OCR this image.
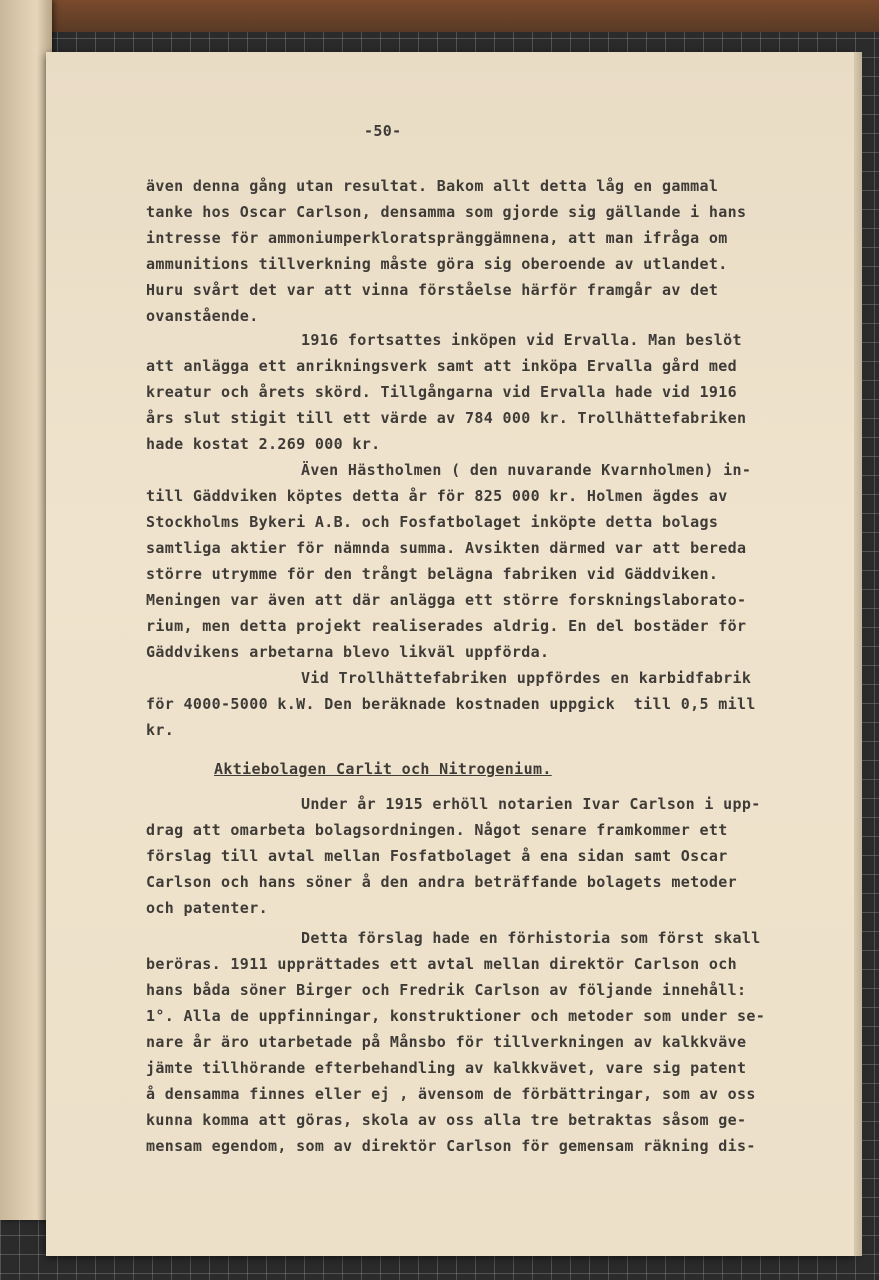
-50-
även denna gång utan resultat. Bakom allt detta låg en gammal
tanke hos Oscar Carlson, densamma som gjorde sig gällande i hans
intresse för ammoniumperkloratspränggämnena, att man ifråga om
ammunitions tillverkning måste göra sig oberoende av utlandet.
Huru svårt det var att vinna förståelse härför framgår av det
ovanstående.
1916 fortsattes inköpen vid Ervalla. Man beslöt
att anlägga ett anrikningsverk samt att inköpa Ervalla gård med
kreatur och årets skörd. Tillgångarna vid Ervalla hade vid 1916
års slut stigit till ett värde av 784 000 kr. Trollhättefabriken
hade kostat 2.269 000 kr.
Även Hästholmen ( den nuvarande Kvarnholmen) in-
till Gäddviken köptes detta år för 825 000 kr. Holmen ägdes av
Stockholms Bykeri A.B. och Fosfatbolaget inköpte detta bolags
samtliga aktier för nämnda summa. Avsikten därmed var att bereda
större utrymme för den trångt belägna fabriken vid Gäddviken.
Meningen var även att där anlägga ett större forskningslaborato-
rium, men detta projekt realiserades aldrig. En del bostäder för
Gäddvikens arbetarna blevo likväl uppförda.
Vid Trollhättefabriken uppfördes en karbidfabrik
för 4000-5000 k.W. Den beräknade kostnaden uppgick  till 0,5 mill
kr.
Aktiebolagen Carlit och Nitrogenium.
Under år 1915 erhöll notarien Ivar Carlson i upp-
drag att omarbeta bolagsordningen. Något senare framkommer ett
förslag till avtal mellan Fosfatbolaget å ena sidan samt Oscar
Carlson och hans söner å den andra beträffande bolagets metoder
och patenter.
Detta förslag hade en förhistoria som först skall
beröras. 1911 upprättades ett avtal mellan direktör Carlson och
hans båda söner Birger och Fredrik Carlson av följande innehåll:
1°. Alla de uppfinningar, konstruktioner och metoder som under se-
nare år äro utarbetade på Månsbo för tillverkningen av kalkkväve
jämte tillhörande efterbehandling av kalkkvävet, vare sig patent
å densamma finnes eller ej , ävensom de förbättringar, som av oss
kunna komma att göras, skola av oss alla tre betraktas såsom ge-
mensam egendom, som av direktör Carlson för gemensam räkning dis-
